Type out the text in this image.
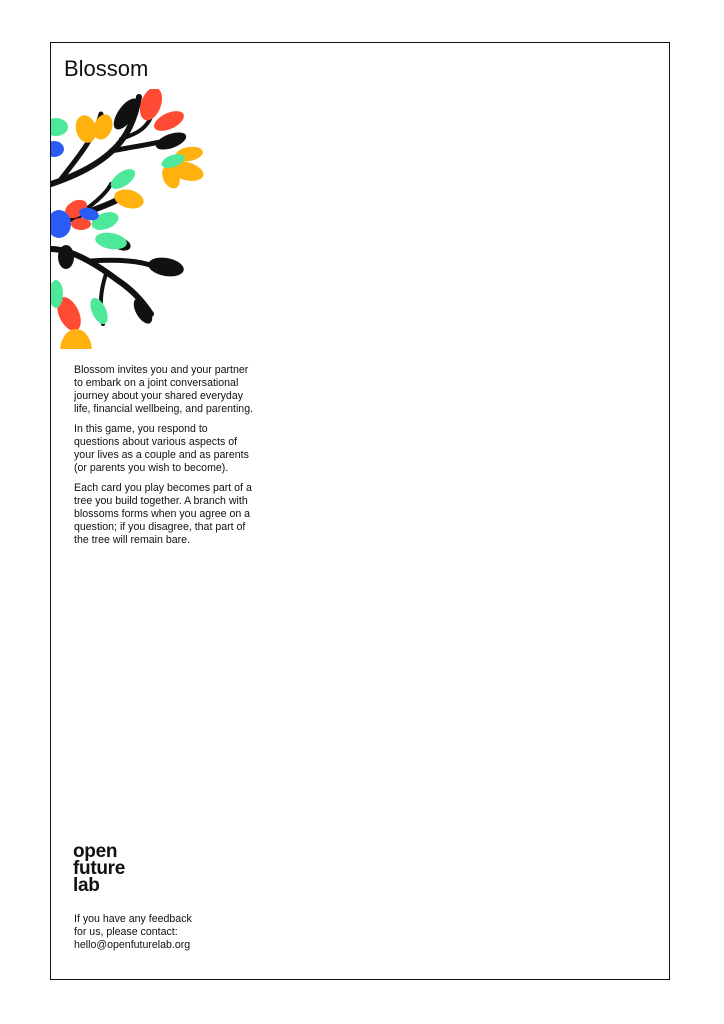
Blossom

Blossom invites you and your partner to embark on a joint conversational journey about your shared everyday life, financial wellbeing, and parenting.

In this game, you respond to questions about various aspects of your lives as a couple and as parents (or parents you wish to become).

Each card you play becomes part of a tree you build together. A branch with blossoms forms when you agree on a question; if you disagree, that part of the tree will remain bare.

open
future
lab
If you have any feedback
for us, please contact:
hello@openfuturelab.org
